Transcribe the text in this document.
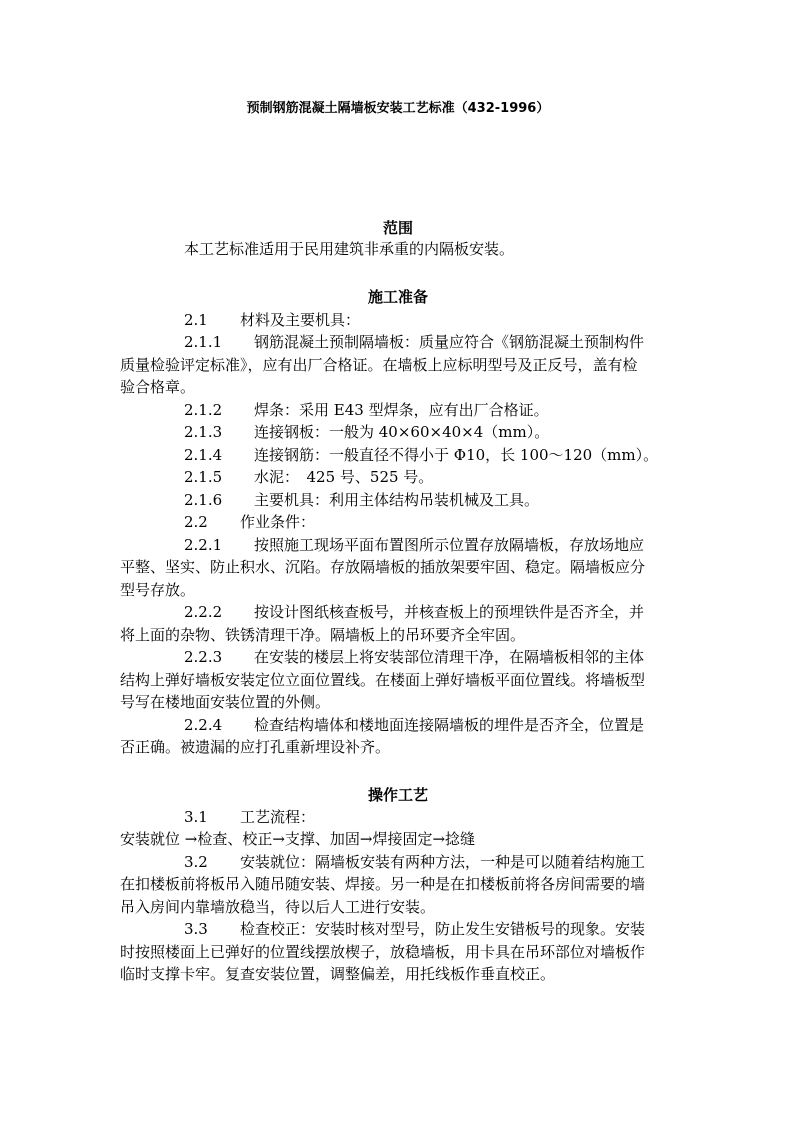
预制钢筋混凝土隔墙板安装工艺标准（432-1996）
范围
本工艺标准适用于民用建筑非承重的内隔板安装。
施工准备
2.1 材料及主要机具：
2.1.1 钢筋混凝土预制隔墙板：质量应符合《钢筋混凝土预制构件
质量检验评定标准》，应有出厂合格证。在墙板上应标明型号及正反号，盖有检
验合格章。
2.1.2 焊条：采用 E43 型焊条，应有出厂合格证。
2.1.3 连接钢板：一般为 40×60×40×4（mm）。
2.1.4 连接钢筋：一般直径不得小于 Φ10，长 100～120（mm）。
2.1.5 水泥：　425 号、525 号。
2.1.6 主要机具：利用主体结构吊装机械及工具。
2.2 作业条件：
2.2.1 按照施工现场平面布置图所示位置存放隔墙板，存放场地应
平整、坚实、防止积水、沉陷。存放隔墙板的插放架要牢固、稳定。隔墙板应分
型号存放。
2.2.2 按设计图纸核查板号，并核查板上的预埋铁件是否齐全，并
将上面的杂物、铁锈清理干净。隔墙板上的吊环要齐全牢固。
2.2.3 在安装的楼层上将安装部位清理干净，在隔墙板相邻的主体
结构上弹好墙板安装定位立面位置线。在楼面上弹好墙板平面位置线。将墙板型
号写在楼地面安装位置的外侧。
2.2.4 检查结构墙体和楼地面连接隔墙板的埋件是否齐全，位置是
否正确。被遗漏的应打孔重新埋设补齐。
操作工艺
3.1 工艺流程：
安装就位 →检查、校正→支撑、加固→焊接固定→捻缝
3.2 安装就位：隔墙板安装有两种方法，一种是可以随着结构施工
在扣楼板前将板吊入随吊随安装、焊接。另一种是在扣楼板前将各房间需要的墙
吊入房间内靠墙放稳当，待以后人工进行安装。
3.3 检查校正：安装时核对型号，防止发生安错板号的现象。安装
时按照楼面上已弹好的位置线摆放楔子，放稳墙板，用卡具在吊环部位对墙板作
临时支撑卡牢。复查安装位置，调整偏差，用托线板作垂直校正。
